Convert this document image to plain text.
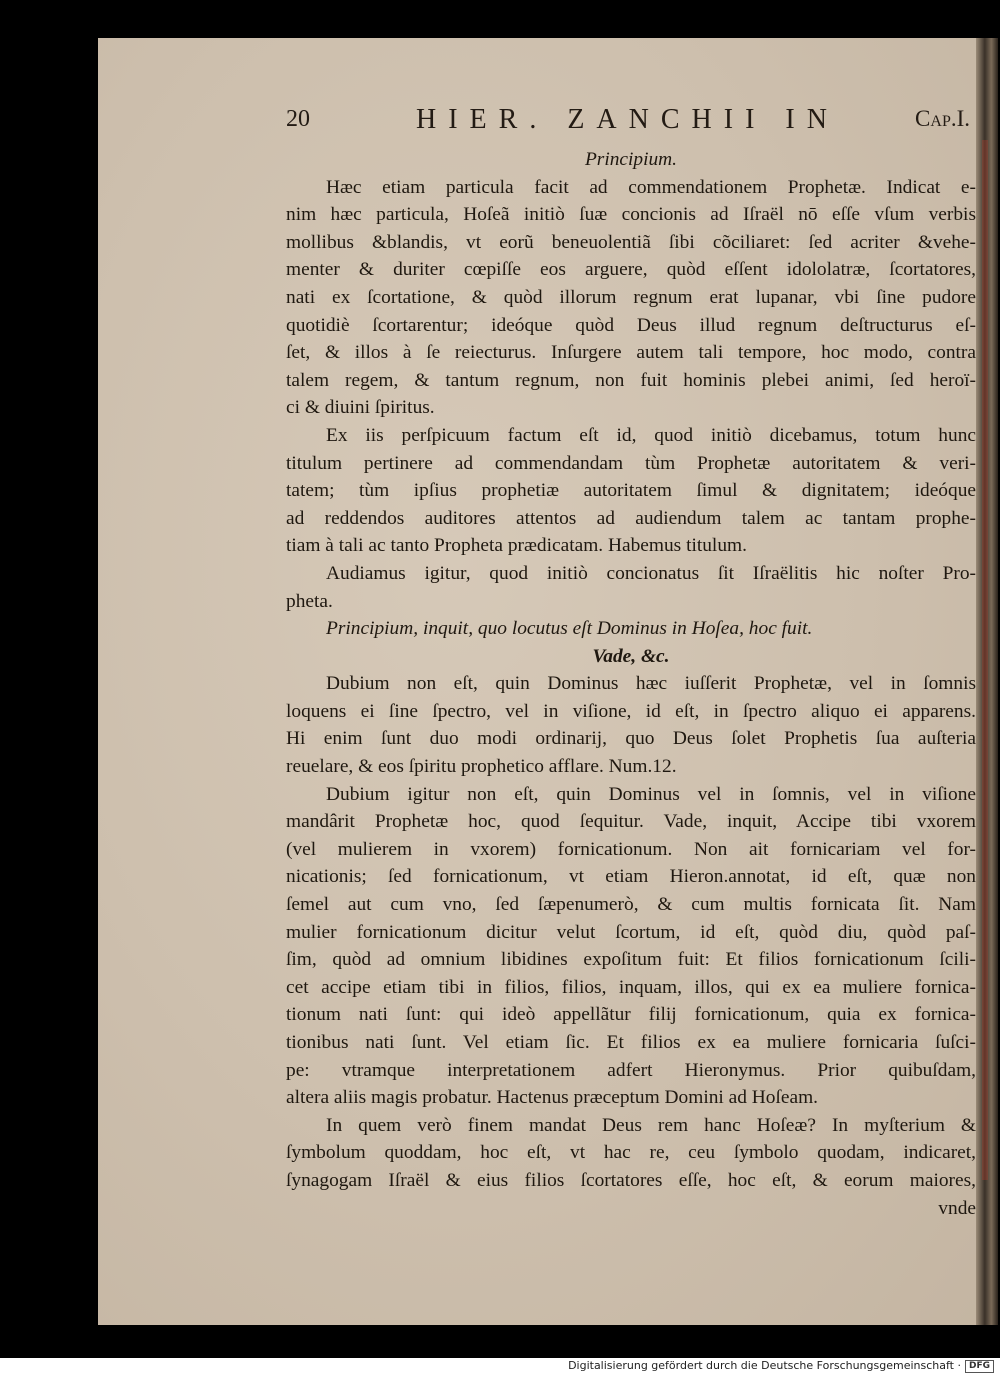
20	HIER. ZANCHII IN	Cap.I.
Principium.
Hæc etiam particula facit ad commendationem Prophetæ. Indicat e-
nim hæc particula, Hoſeã initiò ſuæ concionis ad Iſraël nō eſſe vſum verbis
mollibus &blandis, vt eorũ beneuolentiã ſibi cõciliaret: ſed acriter &vehe-
menter & duriter cœpiſſe eos arguere, quòd eſſent idololatræ, ſcortatores,
nati ex ſcortatione, & quòd illorum regnum erat lupanar, vbi ſine pudore
quotidiè ſcortarentur; ideóque quòd Deus illud regnum deſtructurus eſ-
ſet, & illos à ſe reiecturus. Inſurgere autem tali tempore, hoc modo, contra
talem regem, & tantum regnum, non fuit hominis plebei animi, ſed heroï-
ci & diuini ſpiritus.
Ex iis perſpicuum factum eſt id, quod initiò dicebamus, totum hunc
titulum pertinere ad commendandam tùm Prophetæ autoritatem & veri-
tatem; tùm ipſius prophetiæ autoritatem ſimul & dignitatem; ideóque
ad reddendos auditores attentos ad audiendum talem ac tantam prophe-
tiam à tali ac tanto Propheta prædicatam. Habemus titulum.
Audiamus igitur, quod initiò concionatus ſit Iſraëlitis hic noſter Pro-
pheta.
Principium, inquit, quo locutus eſt Dominus in Hoſea, hoc fuit.
Vade, &c.
Dubium non eſt, quin Dominus hæc iuſſerit Prophetæ, vel in ſomnis
loquens ei ſine ſpectro, vel in viſione, id eſt, in ſpectro aliquo ei apparens.
Hi enim ſunt duo modi ordinarij, quo Deus ſolet Prophetis ſua auſteria
reuelare, & eos ſpiritu prophetico afflare. Num.12.
Dubium igitur non eſt, quin Dominus vel in ſomnis, vel in viſione
mandârit Prophetæ hoc, quod ſequitur. Vade, inquit, Accipe tibi vxorem
(vel mulierem in vxorem) fornicationum. Non ait fornicariam vel for-
nicationis; ſed fornicationum, vt etiam Hieron.annotat, id eſt, quæ non
ſemel aut cum vno, ſed ſæpenumerò, & cum multis fornicata ſit. Nam
mulier fornicationum dicitur velut ſcortum, id eſt, quòd diu, quòd paſ-
ſim, quòd ad omnium libidines expoſitum fuit: Et filios fornicationum ſcili-
cet accipe etiam tibi in filios, filios, inquam, illos, qui ex ea muliere fornica-
tionum nati ſunt: qui ideò appellãtur filij fornicationum, quia ex fornica-
tionibus nati ſunt. Vel etiam ſic. Et filios ex ea muliere fornicaria ſuſci-
pe: vtramque interpretationem adfert Hieronymus. Prior quibuſdam,
altera aliis magis probatur. Hactenus præceptum Domini ad Hoſeam.
In quem verò finem mandat Deus rem hanc Hoſeæ? In myſterium &
ſymbolum quoddam, hoc eſt, vt hac re, ceu ſymbolo quodam, indicaret,
ſynagogam Iſraël & eius filios ſcortatores eſſe, hoc eſt, & eorum maiores,
vnde
Digitalisierung gefördert durch die Deutsche Forschungsgemeinschaft · DFG
